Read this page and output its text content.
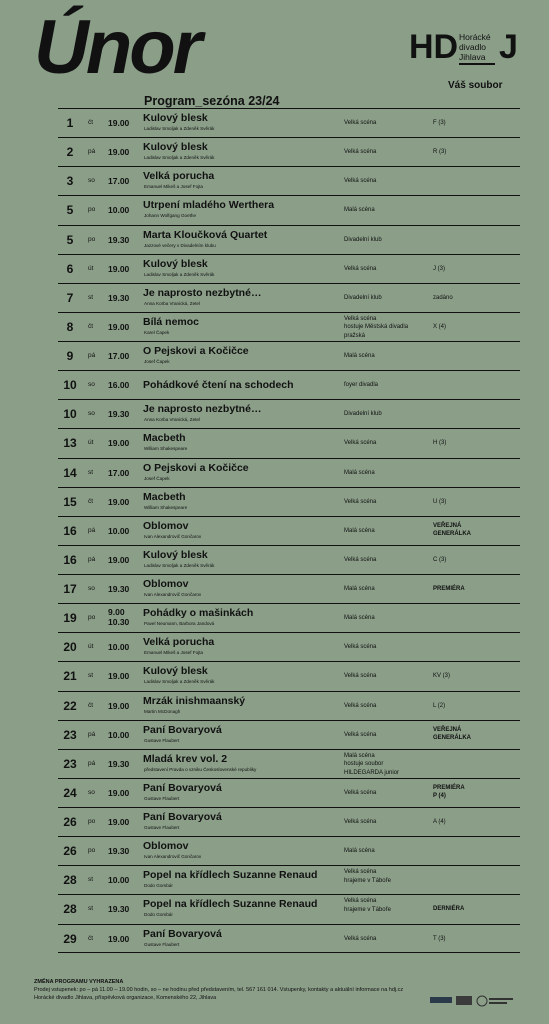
Únor
Program_sezóna 23/24
HD Horácké
divadlo
Jihlava J
Váš soubor
1	čt 19.00 Kulový blesk
Ladislav Smoljak a Zdeněk Svěrák
Velká scéna	F (3)
2	pá 19.00 Kulový blesk
Ladislav Smoljak a Zdeněk Svěrák
Velká scéna	R (3)
3	so 17.00 Velká porucha
Emanuel Mikeš a Josef Fojta
Velká scéna
5	po 10.00 Utrpení mladého Werthera
Johann Wolfgang Goethe
Malá scéna
5	po 19.30 Marta Kloučková Quartet
Jazzové večery v Divadelním klubu
Divadelní klub
6	út 19.00 Kulový blesk
Ladislav Smoljak a Zdeněk Svěrák
Velká scéna	J (3)
7	st 19.30 Je naprosto nezbytné…
Anna Korba Vranická, Zetel
Divadelní klub	zadáno
8	čt 19.00 Bílá nemoc
Karel Čapek
Velká scéna
hostuje Městská divadla
pražská
X (4)
9	pá 17.00 O Pejskovi a Kočičce
Josef Čapek
Malá scéna
10	so 16.00 Pohádkové čtení na schodech	foyer divadla
10	so 19.30 Je naprosto nezbytné…
Anna Korba Vranická, Zetel
Divadelní klub
13	út 19.00 Macbeth
William Shakespeare
Velká scéna	H (3)
14	st 17.00 O Pejskovi a Kočičce
Josef Čapek
Malá scéna
15	čt 19.00 Macbeth
William Shakespeare
Velká scéna	U (3)
16	pá 10.00 Oblomov
Ivan Alexandrovič Gončarov
Malá scéna
VEŘEJNÁ
GENERÁLKA
16	pá 19.00 Kulový blesk
Ladislav Smoljak a Zdeněk Svěrák
Velká scéna	C (3)
17	so 19.30 Oblomov
Ivan Alexandrovič Gončarov
Malá scéna	PREMIÉRA
19	po
9.00
10.30
Pohádky o mašinkách
Pavel Neumann, Barbora Jandová
Malá scéna
20	út 10.00 Velká porucha
Emanuel Mikeš a Josef Fojta
Velká scéna
21	st 19.00 Kulový blesk
Ladislav Smoljak a Zdeněk Svěrák
Velká scéna	KV (3)
22	čt 19.00 Mrzák inishmaanský
Martin McDonagh
Velká scéna	L (2)
23	pá 10.00 Paní Bovaryová
Gustave Flaubert
Velká scéna
VEŘEJNÁ
GENERÁLKA
23	pá 19.30 Mladá krev vol. 2
představení Pravda o vzniku Československé republiky
Malá scéna
hostuje soubor
HILDEGARDA junior
24	so 19.00 Paní Bovaryová
Gustave Flaubert
Velká scéna
PREMIÉRA
P (4)
26	po 19.00 Paní Bovaryová
Gustave Flaubert
Velká scéna	A (4)
26	po 19.30 Oblomov
Ivan Alexandrovič Gončarov
Malá scéna
28	st 10.00 Popel na křídlech Suzanne Renaud
Dodo Gombár
Velká scéna
hrajeme v Táboře
28	st 19.30 Popel na křídlech Suzanne Renaud
Dodo Gombár
Velká scéna
hrajeme v Táboře	DERNIÉRA
29	čt 19.00 Paní Bovaryová
Gustave Flaubert
Velká scéna	T (3)
ZMĚNA PROGRAMU VYHRAZENA
Prodej vstupenek: po – pá 11.00 – 19.00 hodin, so – ne hodinu před představením, tel. 567 161 014. Vstupenky, kontakty a aktuální informace na hdj.cz
Horácké divadlo Jihlava, příspěvková organizace, Komenského 22, Jihlava
